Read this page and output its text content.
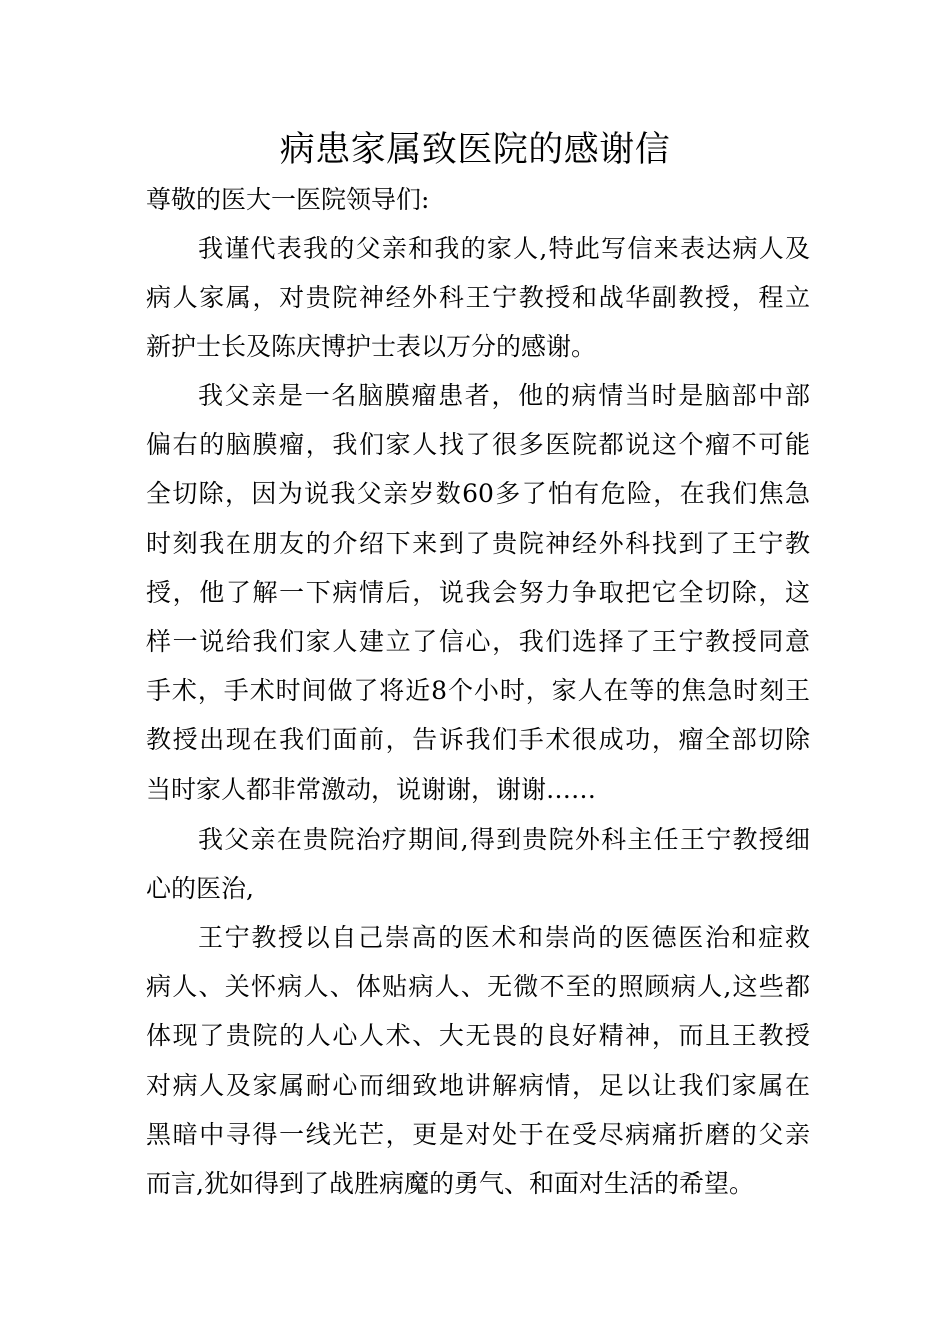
病患家属致医院的感谢信
尊敬的医大一医院领导们:
我谨代表我的父亲和我的家人,特此写信来表达病人及
病人家属，对贵院神经外科王宁教授和战华副教授，程立
新护士长及陈庆博护士表以万分的感谢。
我父亲是一名脑膜瘤患者，他的病情当时是脑部中部
偏右的脑膜瘤，我们家人找了很多医院都说这个瘤不可能
全切除，因为说我父亲岁数60多了怕有危险，在我们焦急
时刻我在朋友的介绍下来到了贵院神经外科找到了王宁教
授，他了解一下病情后，说我会努力争取把它全切除，这
样一说给我们家人建立了信心，我们选择了王宁教授同意
手术，手术时间做了将近8个小时，家人在等的焦急时刻王
教授出现在我们面前，告诉我们手术很成功，瘤全部切除
当时家人都非常激动，说谢谢，谢谢……
我父亲在贵院治疗期间,得到贵院外科主任王宁教授细
心的医治,
王宁教授以自己崇高的医术和崇尚的医德医治和症救
病人、关怀病人、体贴病人、无微不至的照顾病人,这些都
体现了贵院的人心人术、大无畏的良好精神，而且王教授
对病人及家属耐心而细致地讲解病情，足以让我们家属在
黑暗中寻得一线光芒，更是对处于在受尽病痛折磨的父亲
而言,犹如得到了战胜病魔的勇气、和面对生活的希望。
